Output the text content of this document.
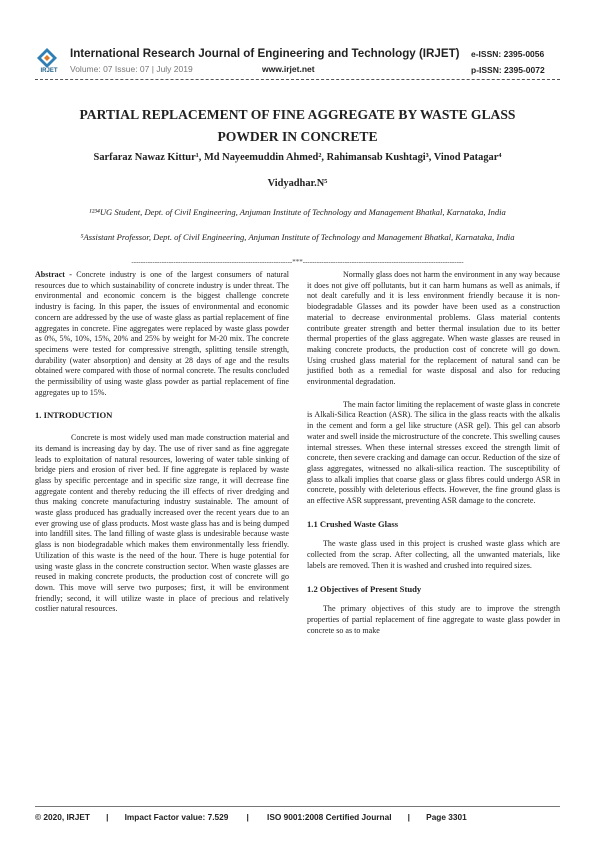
IRJET
International Research Journal of Engineering and Technology (IRJET)
Volume: 07 Issue: 07 | July 2019	www.irjet.net
e-ISSN: 2395-0056
p-ISSN: 2395-0072
PARTIAL REPLACEMENT OF FINE AGGREGATE BY WASTE GLASS
POWDER IN CONCRETE
Sarfaraz Nawaz Kittur¹, Md Nayeemuddin Ahmed², Rahimansab Kushtagi³, Vinod Patagar⁴
Vidyadhar.N⁵
¹²³⁴UG Student, Dept. of Civil Engineering, Anjuman Institute of Technology and Management Bhatkal, Karnataka, India
⁵Assistant Professor, Dept. of Civil Engineering, Anjuman Institute of Technology and Management Bhatkal, Karnataka, India
---------------------------------------------------------------------***---------------------------------------------------------------------

Abstract - Concrete industry is one of the largest consumers of natural resources due to which sustainability of concrete industry is under threat. The environmental and economic concern is the biggest challenge concrete industry is facing. In this paper, the issues of environmental and economic concern are addressed by the use of waste glass as partial replacement of fine aggregates in concrete. Fine aggregates were replaced by waste glass powder as 0%, 5%, 10%, 15%, 20% and 25% by weight for M-20 mix. The concrete specimens were tested for compressive strength, splitting tensile strength, durability (water absorption) and density at 28 days of age and the results obtained were compared with those of normal concrete. The results concluded the permissibility of using waste glass powder as partial replacement of fine aggregates up to 15%.

1. INTRODUCTION

Concrete is most widely used man made construction material and its demand is increasing day by day. The use of river sand as fine aggregate leads to exploitation of natural resources, lowering of water table sinking of bridge piers and erosion of river bed. If fine aggregate is replaced by waste glass by specific percentage and in specific size range, it will decrease fine aggregate content and thereby reducing the ill effects of river dredging and thus making concrete manufacturing industry sustainable. The amount of waste glass produced has gradually increased over the recent years due to an ever growing use of glass products. Most waste glass has and is being dumped into landfill sites. The land filling of waste glass is undesirable because waste glass is non biodegradable which makes them environmentally less friendly. Utilization of this waste is the need of the hour. There is huge potential for using waste glass in the concrete construction sector. When waste glasses are reused in making concrete products, the production cost of concrete will go down. This move will serve two purposes; first, it will be environment friendly; second, it will utilize waste in place of precious and relatively costlier natural resources.

Normally glass does not harm the environment in any way because it does not give off pollutants, but it can harm humans as well as animals, if not dealt carefully and it is less environment friendly because it is non-biodegradable Glasses and its powder have been used as a construction material to decrease environmental problems. Glass material contents contribute greater strength and better thermal insulation due to its better thermal properties of the glass aggregate. When waste glasses are reused in making concrete products, the production cost of concrete will go down. Using crushed glass material for the replacement of natural sand can be justified both as a remedial for waste disposal and also for reducing environmental degradation.

The main factor limiting the replacement of waste glass in concrete is Alkali-Silica Reaction (ASR). The silica in the glass reacts with the alkalis in the cement and form a gel like structure (ASR gel). This gel can absorb water and swell inside the microstructure of the concrete. This swelling causes internal stresses. When these internal stresses exceed the strength limit of concrete, then severe cracking and damage can occur. Reduction of the size of glass aggregates, witnessed no alkali-silica reaction. The susceptibility of glass to alkali implies that coarse glass or glass fibres could undergo ASR in concrete, possibly with deleterious effects. However, the fine ground glass is an effective ASR suppressant, preventing ASR damage to the concrete.

1.1 Crushed Waste Glass

The waste glass used in this project is crushed waste glass which are collected from the scrap. After collecting, all the unwanted materials, like labels are removed. Then it is washed and crushed into required sizes.

1.2 Objectives of Present Study

The primary objectives of this study are to improve the strength properties of partial replacement of fine aggregate to waste glass powder in concrete so as to make

© 2020, IRJET | Impact Factor value: 7.529 | ISO 9001:2008 Certified Journal | Page 3301
